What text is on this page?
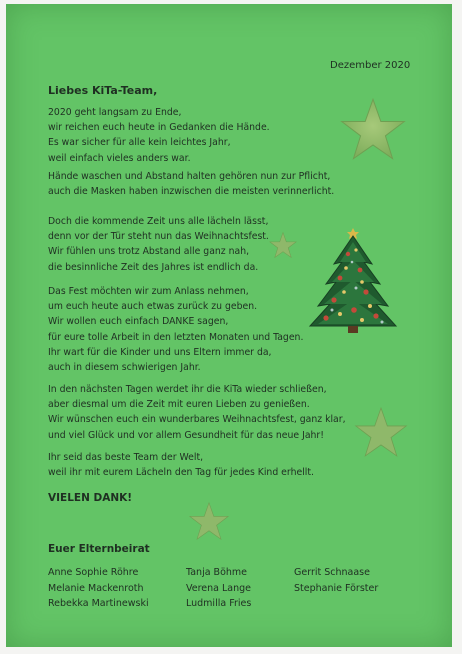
Dezember 2020
Liebes KiTa-Team,
2020 geht langsam zu Ende,
wir reichen euch heute in Gedanken die Hände.
Es war sicher für alle kein leichtes Jahr,
weil einfach vieles anders war.
Hände waschen und Abstand halten gehören nun zur Pflicht,
auch die Masken haben inzwischen die meisten verinnerlicht.
Doch die kommende Zeit uns alle lächeln lässt,
denn vor der Tür steht nun das Weihnachtsfest.
Wir fühlen uns trotz Abstand alle ganz nah,
die besinnliche Zeit des Jahres ist endlich da.
Das Fest möchten wir zum Anlass nehmen,
um euch heute auch etwas zurück zu geben.
Wir wollen euch einfach DANKE sagen,
für eure tolle Arbeit in den letzten Monaten und Tagen.
Ihr wart für die Kinder und uns Eltern immer da,
auch in diesem schwierigen Jahr.
In den nächsten Tagen werdet ihr die KiTa wieder schließen,
aber diesmal um die Zeit mit euren Lieben zu genießen.
Wir wünschen euch ein wunderbares Weihnachtsfest, ganz klar,
und viel Glück und vor allem Gesundheit für das neue Jahr!
Ihr seid das beste Team der Welt,
weil ihr mit eurem Lächeln den Tag für jedes Kind erhellt.
VIELEN DANK!
Euer Elternbeirat
Anne Sophie Röhre
Melanie Mackenroth
Rebekka Martinewski
Tanja Böhme
Verena Lange
Ludmilla Fries
Gerrit Schnaase
Stephanie Förster
